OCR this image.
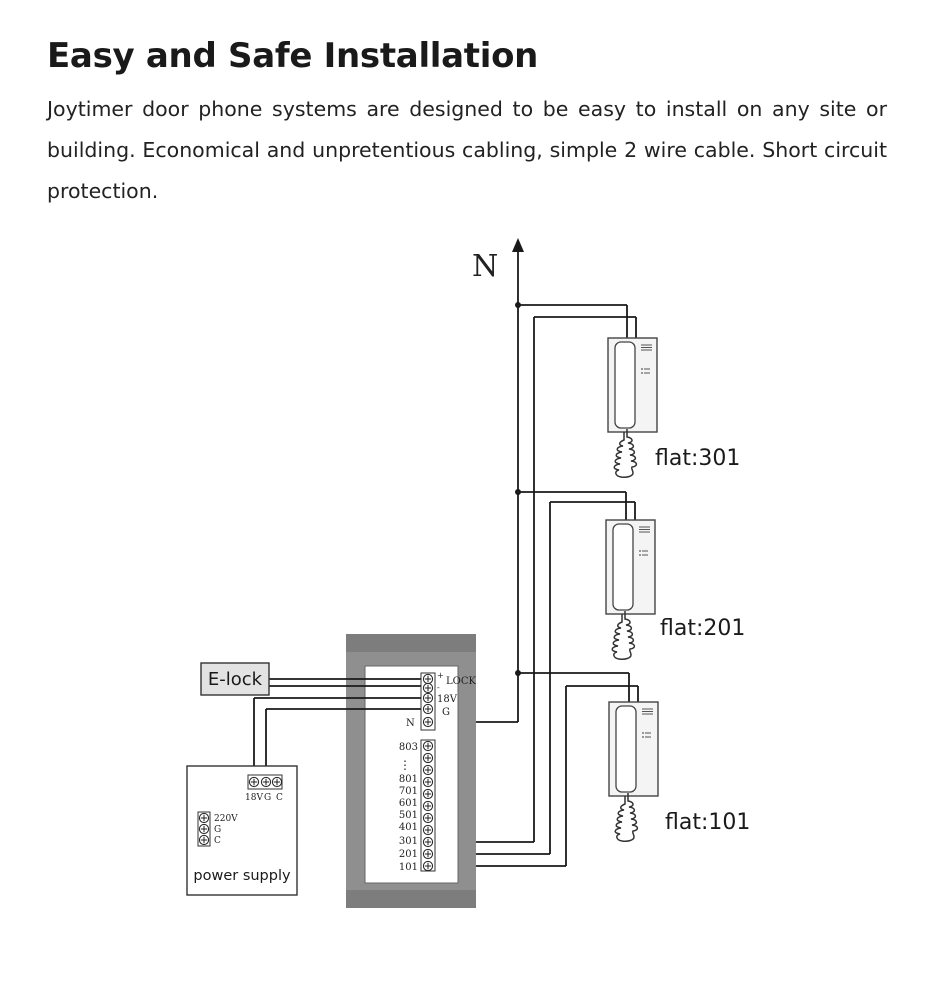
Easy and Safe Installation

Joytimer door phone systems are designed to be easy to install on any site or building. Economical and unpretentious cabling, simple 2 wire cable. Short circuit protection.

N
E-lock
18V G C
220V
G
C
power supply
+
-
LOCK
18V
G
N
803
⋮
801
701
601
501
401
301
201
101
flat:301
flat:201
flat:101
